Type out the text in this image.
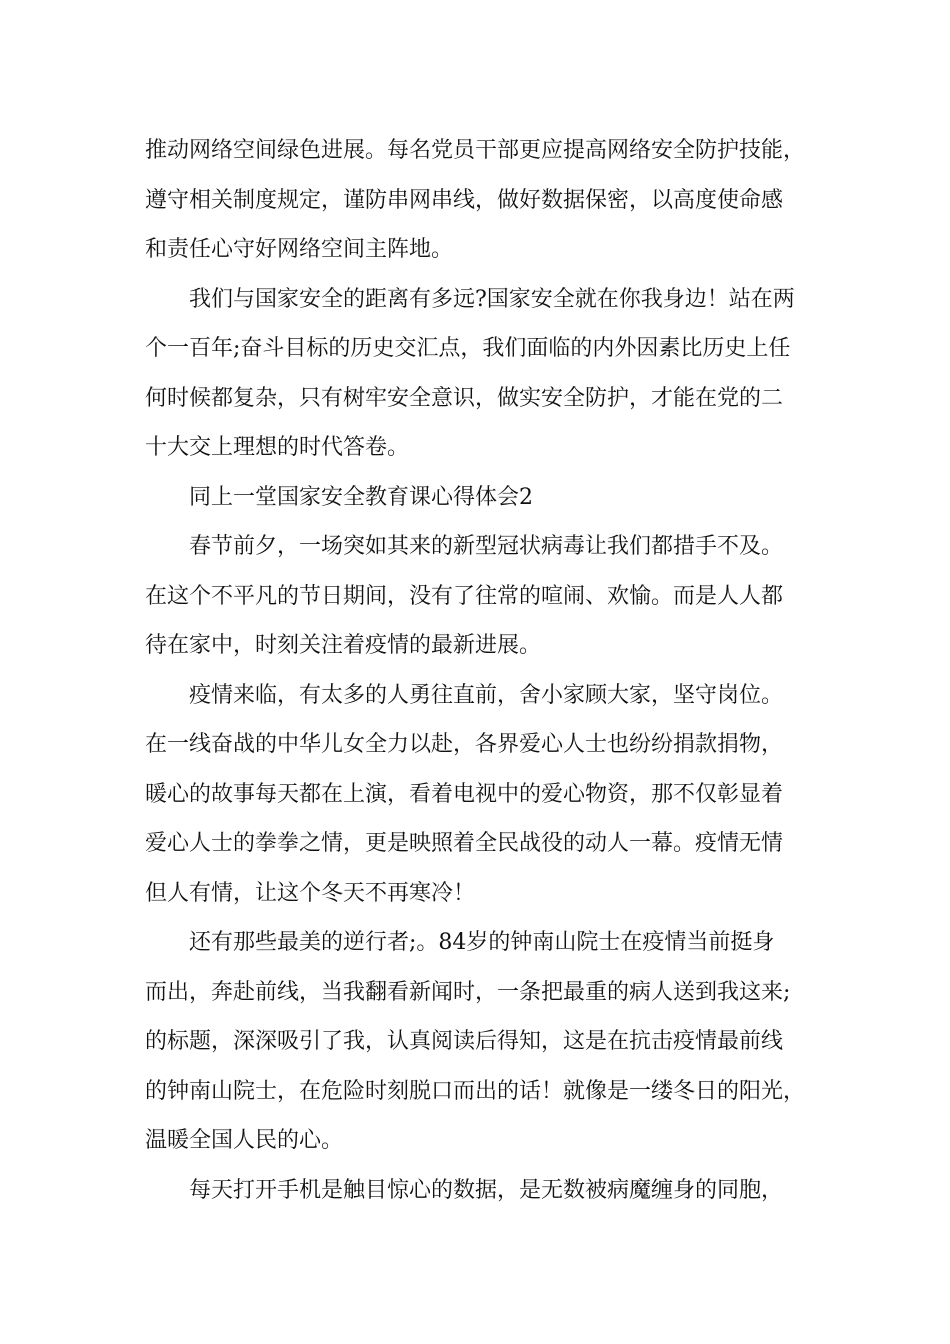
推动网络空间绿色进展。每名党员干部更应提高网络安全防护技能，
遵守相关制度规定，谨防串网串线，做好数据保密，以高度使命感
和责任心守好网络空间主阵地。
我们与国家安全的距离有多远?国家安全就在你我身边！站在两
个一百年;奋斗目标的历史交汇点，我们面临的内外因素比历史上任
何时候都复杂，只有树牢安全意识，做实安全防护，才能在党的二
十大交上理想的时代答卷。
同上一堂国家安全教育课心得体会2
春节前夕，一场突如其来的新型冠状病毒让我们都措手不及。
在这个不平凡的节日期间，没有了往常的喧闹、欢愉。而是人人都
待在家中，时刻关注着疫情的最新进展。
疫情来临，有太多的人勇往直前，舍小家顾大家，坚守岗位。
在一线奋战的中华儿女全力以赴，各界爱心人士也纷纷捐款捐物，
暖心的故事每天都在上演，看着电视中的爱心物资，那不仅彰显着
爱心人士的拳拳之情，更是映照着全民战役的动人一幕。疫情无情
但人有情，让这个冬天不再寒冷！
还有那些最美的逆行者;。84岁的钟南山院士在疫情当前挺身
而出，奔赴前线，当我翻看新闻时，一条把最重的病人送到我这来;
的标题，深深吸引了我，认真阅读后得知，这是在抗击疫情最前线
的钟南山院士，在危险时刻脱口而出的话！就像是一缕冬日的阳光，
温暖全国人民的心。
每天打开手机是触目惊心的数据，是无数被病魔缠身的同胞，
